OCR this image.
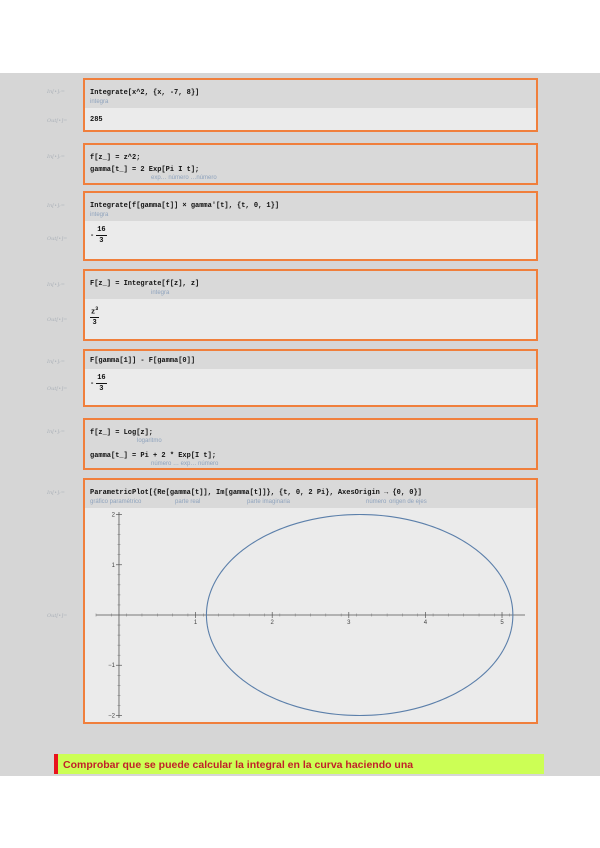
In[•]:=
Out[•]=
Integrate[x^2, {x, -7, 8}]
integra
285
In[•]:=	f[z_] = z^2;
gamma[t_] = 2 Exp[Pi I t];
exp… número …número
In[•]:=
Out[•]=
Integrate[f[gamma[t]] × gamma'[t], {t, 0, 1}]
integra
- $\frac{16}{3}$
In[•]:=
Out[•]=
F[z_] = Integrate[f[z], z]
integra
$\frac{z^3}{3}$
In[•]:=
Out[•]=
F[gamma[1]] - F[gamma[0]]
- $\frac{16}{3}$
In[•]:=	f[z_] = Log[z];
logaritmo
gamma[t_] = Pi + 2 * Exp[I t];
número … exp… número
In[•]:=
Out[•]=
ParametricPlot[{Re[gamma[t]], Im[gamma[t]]}, {t, 0, 2 Pi}, AxesOrigin → {0, 0}]
gráfico paramétrico	parte real	parte imaginaria	número origen de ejes
1	2	3	4	5
−2
−1
1
2
Comprobar que se puede calcular la integral en la curva haciendo una
